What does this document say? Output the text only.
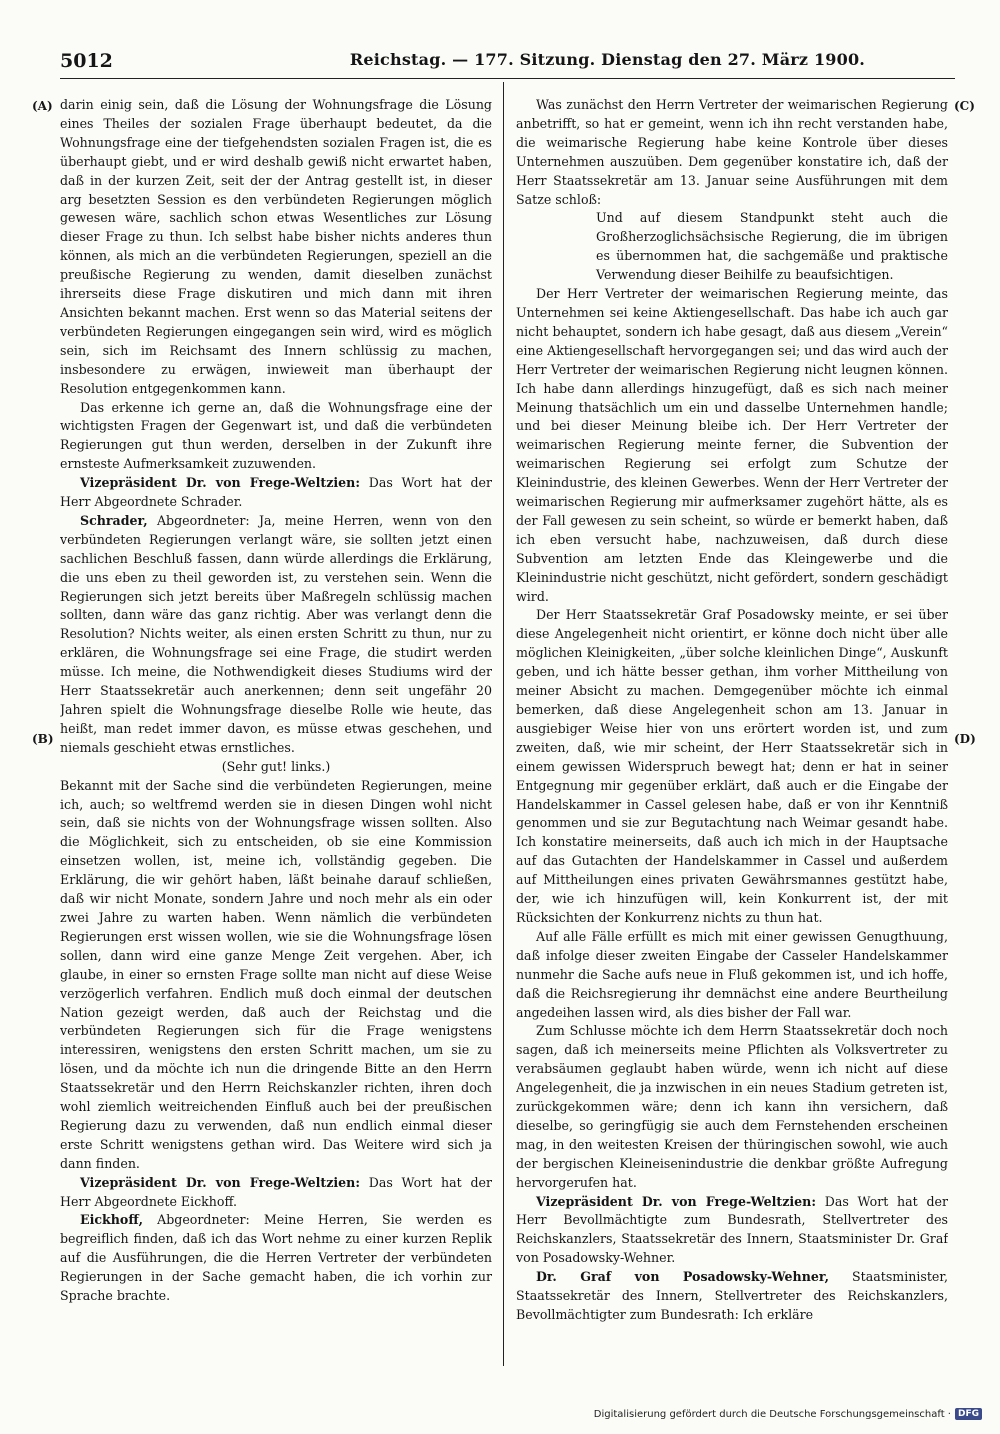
5012	Reichstag. — 177. Sitzung. Dienstag den 27. März 1900.
(A)
(B)
(C)
(D)

darin einig sein, daß die Lösung der Wohnungsfrage die Lösung eines Theiles der sozialen Frage überhaupt bedeutet, da die Wohnungsfrage eine der tiefgehendsten sozialen Fragen ist, die es überhaupt giebt, und er wird deshalb gewiß nicht erwartet haben, daß in der kurzen Zeit, seit der der Antrag gestellt ist, in dieser arg besetzten Session es den verbündeten Regierungen möglich gewesen wäre, sachlich schon etwas Wesentliches zur Lösung dieser Frage zu thun. Ich selbst habe bisher nichts anderes thun können, als mich an die verbündeten Regierungen, speziell an die preußische Regierung zu wenden, damit dieselben zunächst ihrerseits diese Frage diskutiren und mich dann mit ihren Ansichten bekannt machen. Erst wenn so das Material seitens der verbündeten Regierungen eingegangen sein wird, wird es möglich sein, sich im Reichsamt des Innern schlüssig zu machen, insbesondere zu erwägen, inwieweit man überhaupt der Resolution entgegenkommen kann.

Das erkenne ich gerne an, daß die Wohnungsfrage eine der wichtigsten Fragen der Gegenwart ist, und daß die verbündeten Regierungen gut thun werden, derselben in der Zukunft ihre ernsteste Aufmerksamkeit zuzuwenden.

Vizepräsident Dr. von Frege-Weltzien: Das Wort hat der Herr Abgeordnete Schrader.

Schrader, Abgeordneter: Ja, meine Herren, wenn von den verbündeten Regierungen verlangt wäre, sie sollten jetzt einen sachlichen Beschluß fassen, dann würde allerdings die Erklärung, die uns eben zu theil geworden ist, zu verstehen sein. Wenn die Regierungen sich jetzt bereits über Maßregeln schlüssig machen sollten, dann wäre das ganz richtig. Aber was verlangt denn die Resolution? Nichts weiter, als einen ersten Schritt zu thun, nur zu erklären, die Wohnungsfrage sei eine Frage, die studirt werden müsse. Ich meine, die Nothwendigkeit dieses Studiums wird der Herr Staatssekretär auch anerkennen; denn seit ungefähr 20 Jahren spielt die Wohnungsfrage dieselbe Rolle wie heute, das heißt, man redet immer davon, es müsse etwas geschehen, und niemals geschieht etwas ernstliches.

(Sehr gut! links.)

Bekannt mit der Sache sind die verbündeten Regierungen, meine ich, auch; so weltfremd werden sie in diesen Dingen wohl nicht sein, daß sie nichts von der Wohnungsfrage wissen sollten. Also die Möglichkeit, sich zu entscheiden, ob sie eine Kommission einsetzen wollen, ist, meine ich, vollständig gegeben. Die Erklärung, die wir gehört haben, läßt beinahe darauf schließen, daß wir nicht Monate, sondern Jahre und noch mehr als ein oder zwei Jahre zu warten haben. Wenn nämlich die verbündeten Regierungen erst wissen wollen, wie sie die Wohnungsfrage lösen sollen, dann wird eine ganze Menge Zeit vergehen. Aber, ich glaube, in einer so ernsten Frage sollte man nicht auf diese Weise verzögerlich verfahren. Endlich muß doch einmal der deutschen Nation gezeigt werden, daß auch der Reichstag und die verbündeten Regierungen sich für die Frage wenigstens interessiren, wenigstens den ersten Schritt machen, um sie zu lösen, und da möchte ich nun die dringende Bitte an den Herrn Staatssekretär und den Herrn Reichskanzler richten, ihren doch wohl ziemlich weitreichenden Einfluß auch bei der preußischen Regierung dazu zu verwenden, daß nun endlich einmal dieser erste Schritt wenigstens gethan wird. Das Weitere wird sich ja dann finden.

Vizepräsident Dr. von Frege-Weltzien: Das Wort hat der Herr Abgeordnete Eickhoff.

Eickhoff, Abgeordneter: Meine Herren, Sie werden es begreiflich finden, daß ich das Wort nehme zu einer kurzen Replik auf die Ausführungen, die die Herren Vertreter der verbündeten Regierungen in der Sache gemacht haben, die ich vorhin zur Sprache brachte.

Was zunächst den Herrn Vertreter der weimarischen Regierung anbetrifft, so hat er gemeint, wenn ich ihn recht verstanden habe, die weimarische Regierung habe keine Kontrole über dieses Unternehmen auszuüben. Dem gegenüber konstatire ich, daß der Herr Staatssekretär am 13. Januar seine Ausführungen mit dem Satze schloß:

Und auf diesem Standpunkt steht auch die Großherzoglichsächsische Regierung, die im übrigen es übernommen hat, die sachgemäße und praktische Verwendung dieser Beihilfe zu beaufsichtigen.

Der Herr Vertreter der weimarischen Regierung meinte, das Unternehmen sei keine Aktiengesellschaft. Das habe ich auch gar nicht behauptet, sondern ich habe gesagt, daß aus diesem „Verein“ eine Aktiengesellschaft hervorgegangen sei; und das wird auch der Herr Vertreter der weimarischen Regierung nicht leugnen können. Ich habe dann allerdings hinzugefügt, daß es sich nach meiner Meinung thatsächlich um ein und dasselbe Unternehmen handle; und bei dieser Meinung bleibe ich. Der Herr Vertreter der weimarischen Regierung meinte ferner, die Subvention der weimarischen Regierung sei erfolgt zum Schutze der Kleinindustrie, des kleinen Gewerbes. Wenn der Herr Vertreter der weimarischen Regierung mir aufmerksamer zugehört hätte, als es der Fall gewesen zu sein scheint, so würde er bemerkt haben, daß ich eben versucht habe, nachzuweisen, daß durch diese Subvention am letzten Ende das Kleingewerbe und die Kleinindustrie nicht geschützt, nicht gefördert, sondern geschädigt wird.

Der Herr Staatssekretär Graf Posadowsky meinte, er sei über diese Angelegenheit nicht orientirt, er könne doch nicht über alle möglichen Kleinigkeiten, „über solche kleinlichen Dinge“, Auskunft geben, und ich hätte besser gethan, ihm vorher Mittheilung von meiner Absicht zu machen. Demgegenüber möchte ich einmal bemerken, daß diese Angelegenheit schon am 13. Januar in ausgiebiger Weise hier von uns erörtert worden ist, und zum zweiten, daß, wie mir scheint, der Herr Staatssekretär sich in einem gewissen Widerspruch bewegt hat; denn er hat in seiner Entgegnung mir gegenüber erklärt, daß auch er die Eingabe der Handelskammer in Cassel gelesen habe, daß er von ihr Kenntniß genommen und sie zur Begutachtung nach Weimar gesandt habe. Ich konstatire meinerseits, daß auch ich mich in der Hauptsache auf das Gutachten der Handelskammer in Cassel und außerdem auf Mittheilungen eines privaten Gewährsmannes gestützt habe, der, wie ich hinzufügen will, kein Konkurrent ist, der mit Rücksichten der Konkurrenz nichts zu thun hat.

Auf alle Fälle erfüllt es mich mit einer gewissen Genugthuung, daß infolge dieser zweiten Eingabe der Casseler Handelskammer nunmehr die Sache aufs neue in Fluß gekommen ist, und ich hoffe, daß die Reichsregierung ihr demnächst eine andere Beurtheilung angedeihen lassen wird, als dies bisher der Fall war.

Zum Schlusse möchte ich dem Herrn Staatssekretär doch noch sagen, daß ich meinerseits meine Pflichten als Volksvertreter zu verabsäumen geglaubt haben würde, wenn ich nicht auf diese Angelegenheit, die ja inzwischen in ein neues Stadium getreten ist, zurückgekommen wäre; denn ich kann ihn versichern, daß dieselbe, so geringfügig sie auch dem Fernstehenden erscheinen mag, in den weitesten Kreisen der thüringischen sowohl, wie auch der bergischen Kleineisenindustrie die denkbar größte Aufregung hervorgerufen hat.

Vizepräsident Dr. von Frege-Weltzien: Das Wort hat der Herr Bevollmächtigte zum Bundesrath, Stellvertreter des Reichskanzlers, Staatssekretär des Innern, Staatsminister Dr. Graf von Posadowsky-Wehner.

Dr. Graf von Posadowsky-Wehner, Staatsminister, Staatssekretär des Innern, Stellvertreter des Reichskanzlers, Bevollmächtigter zum Bundesrath: Ich erkläre

Digitalisierung gefördert durch die Deutsche Forschungsgemeinschaft · DFG
